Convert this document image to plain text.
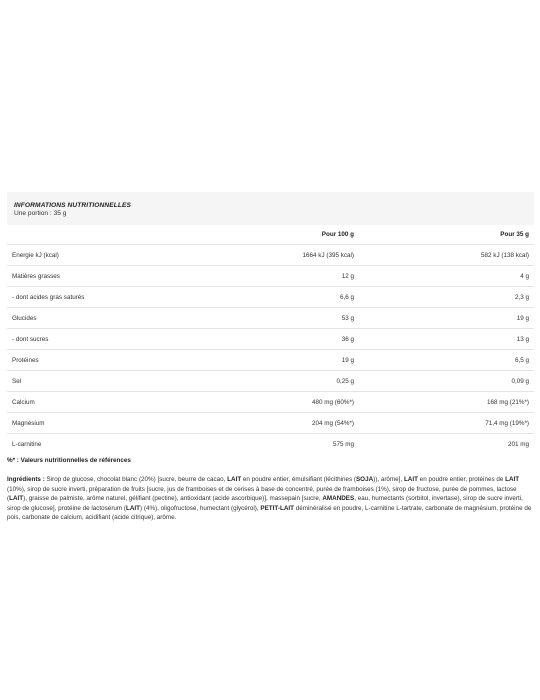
INFORMATIONS NUTRITIONNELLES
Une portion : 35 g
	Pour 100 g	Pour 35 g
Energie kJ (kcal)	1664 kJ (395 kcal)	582 kJ (138 kcal)
Matières grasses	12 g	4 g
- dont acides gras saturés	6,6 g	2,3 g
Glucides	53 g	19 g
- dont sucres	36 g	13 g
Protéines	19 g	6,5 g
Sel	0,25 g	0,09 g
Calcium	480 mg (60%*)	168 mg (21%*)
Magnésium	204 mg (54%*)	71,4 mg (19%*)
L-carnitine	575 mg	201 mg
%* : Valeurs nutritionnelles de références
Ingrédients : Sirop de glucose, chocolat blanc (20%) [sucre, beurre de cacao, LAIT en poudre entier, émulsifiant (lécithines (SOJA)), arôme], LAIT en poudre entier, protéines de LAIT (10%), sirop de sucre inverti, préparation de fruits [sucre, jus de framboises et de cerises à base de concentré, purée de framboises (1%), sirop de fructose, purée de pommes, lactose (LAIT), graisse de palmiste, arôme naturel, gélifiant (pectine), antioxidant (acide ascorbique)], massepain [sucre, AMANDES, eau, humectants (sorbitol, invertase), sirop de sucre inverti, sirop de glucose], protéine de lactosérum (LAIT) (4%), oligofructose, humectant (glycérol), PETIT-LAIT déminéralisé en poudre, L-carnitine L-tartrate, carbonate de magnésium, protéine de pois, carbonate de calcium, acidifiant (acide citrique), arôme.
